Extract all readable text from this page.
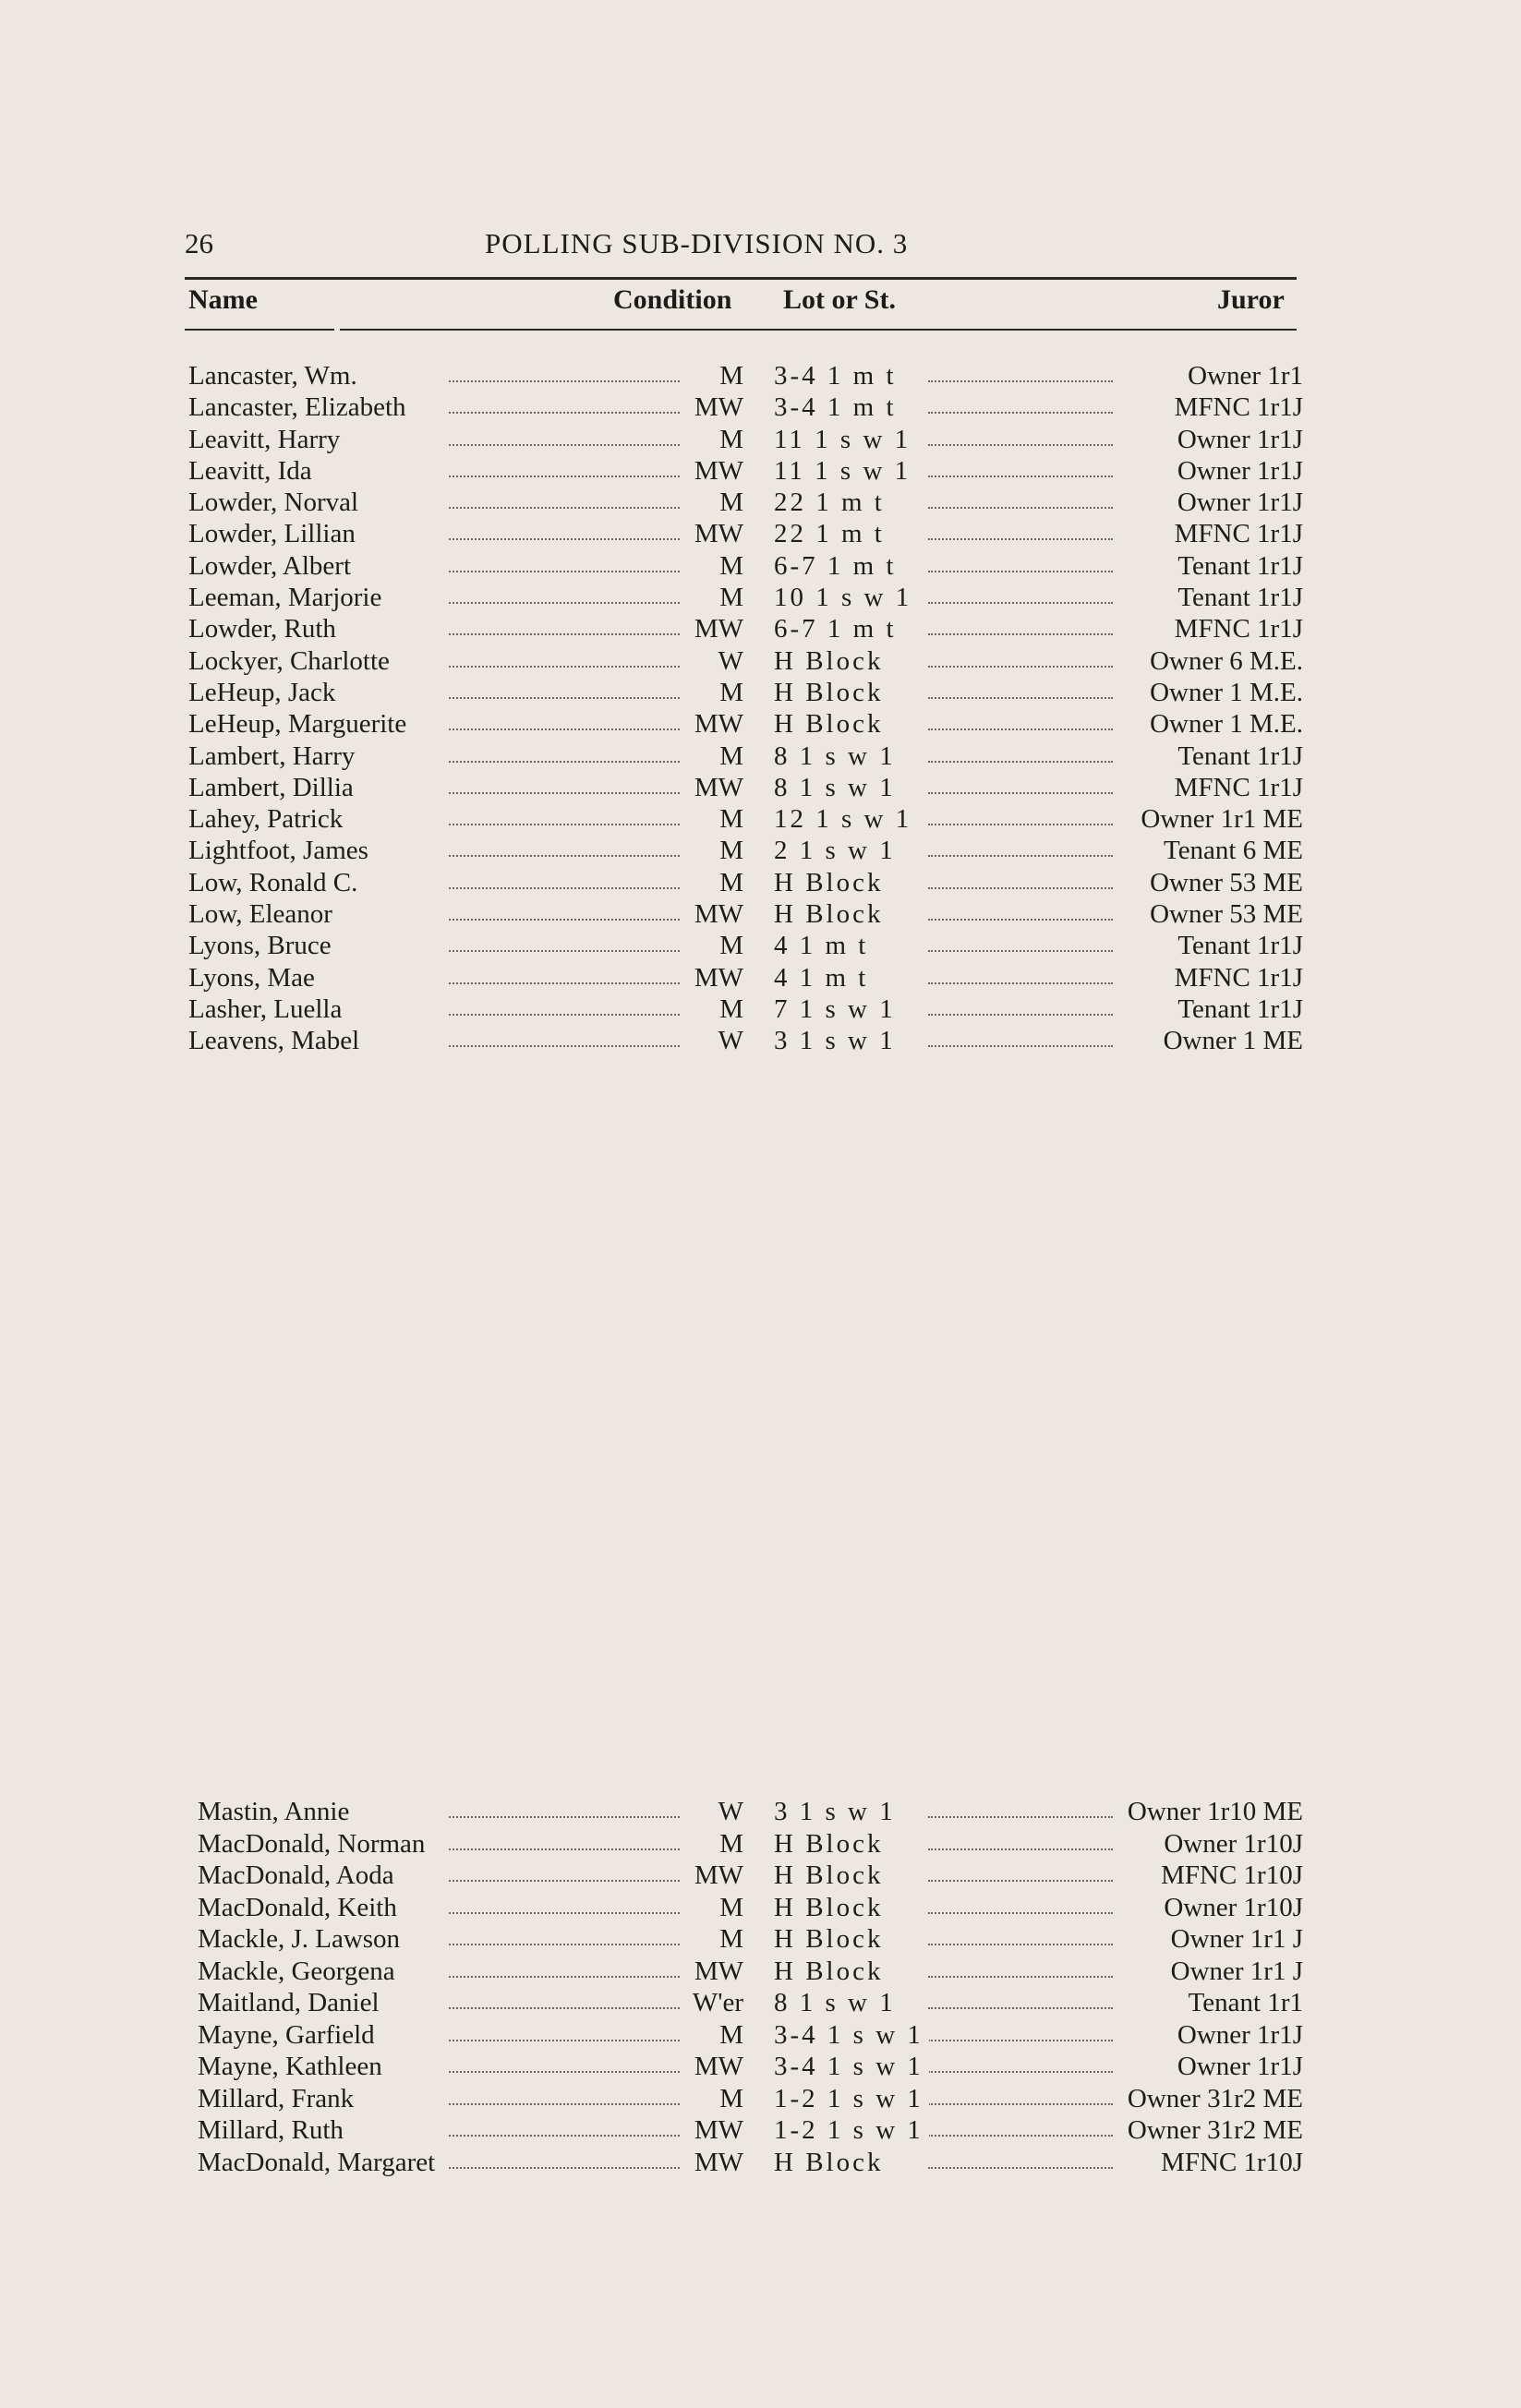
26	POLLING SUB-DIVISION NO. 3
Name	Condition Lot or St.	Juror
Lancaster, Wm.	M 3-4 1 m t	Owner 1r1
Lancaster, Elizabeth	MW 3-4 1 m t	MFNC 1r1J
Leavitt, Harry	M 11 1 s w 1	Owner 1r1J
Leavitt, Ida	MW 11 1 s w 1	Owner 1r1J
Lowder, Norval	M 22 1 m t	Owner 1r1J
Lowder, Lillian	MW 22 1 m t	MFNC 1r1J
Lowder, Albert	M 6-7 1 m t	Tenant 1r1J
Leeman, Marjorie	M 10 1 s w 1	Tenant 1r1J
Lowder, Ruth	MW 6-7 1 m t	MFNC 1r1J
Lockyer, Charlotte	W H Block	Owner 6 M.E.
LeHeup, Jack	M H Block	Owner 1 M.E.
LeHeup, Marguerite	MW H Block	Owner 1 M.E.
Lambert, Harry	M 8 1 s w 1	Tenant 1r1J
Lambert, Dillia	MW 8 1 s w 1	MFNC 1r1J
Lahey, Patrick	M 12 1 s w 1	Owner 1r1 ME
Lightfoot, James	M 2 1 s w 1	Tenant 6 ME
Low, Ronald C.	M H Block	Owner 53 ME
Low, Eleanor	MW H Block	Owner 53 ME
Lyons, Bruce	M 4 1 m t	Tenant 1r1J
Lyons, Mae	MW 4 1 m t	MFNC 1r1J
Lasher, Luella	M 7 1 s w 1	Tenant 1r1J
Leavens, Mabel	W 3 1 s w 1	Owner 1 ME
Mastin, Annie	W 3 1 s w 1	Owner 1r10 ME
MacDonald, Norman	M H Block	Owner 1r10J
MacDonald, Aoda	MW H Block	MFNC 1r10J
MacDonald, Keith	M H Block	Owner 1r10J
Mackle, J. Lawson	M H Block	Owner 1r1 J
Mackle, Georgena	MW H Block	Owner 1r1 J
Maitland, Daniel	W'er 8 1 s w 1	Tenant 1r1
Mayne, Garfield	M 3-4 1 s w 1	Owner 1r1J
Mayne, Kathleen	MW 3-4 1 s w 1	Owner 1r1J
Millard, Frank	M 1-2 1 s w 1	Owner 31r2 ME
Millard, Ruth	MW 1-2 1 s w 1	Owner 31r2 ME
MacDonald, Margaret	MW H Block	MFNC 1r10J
